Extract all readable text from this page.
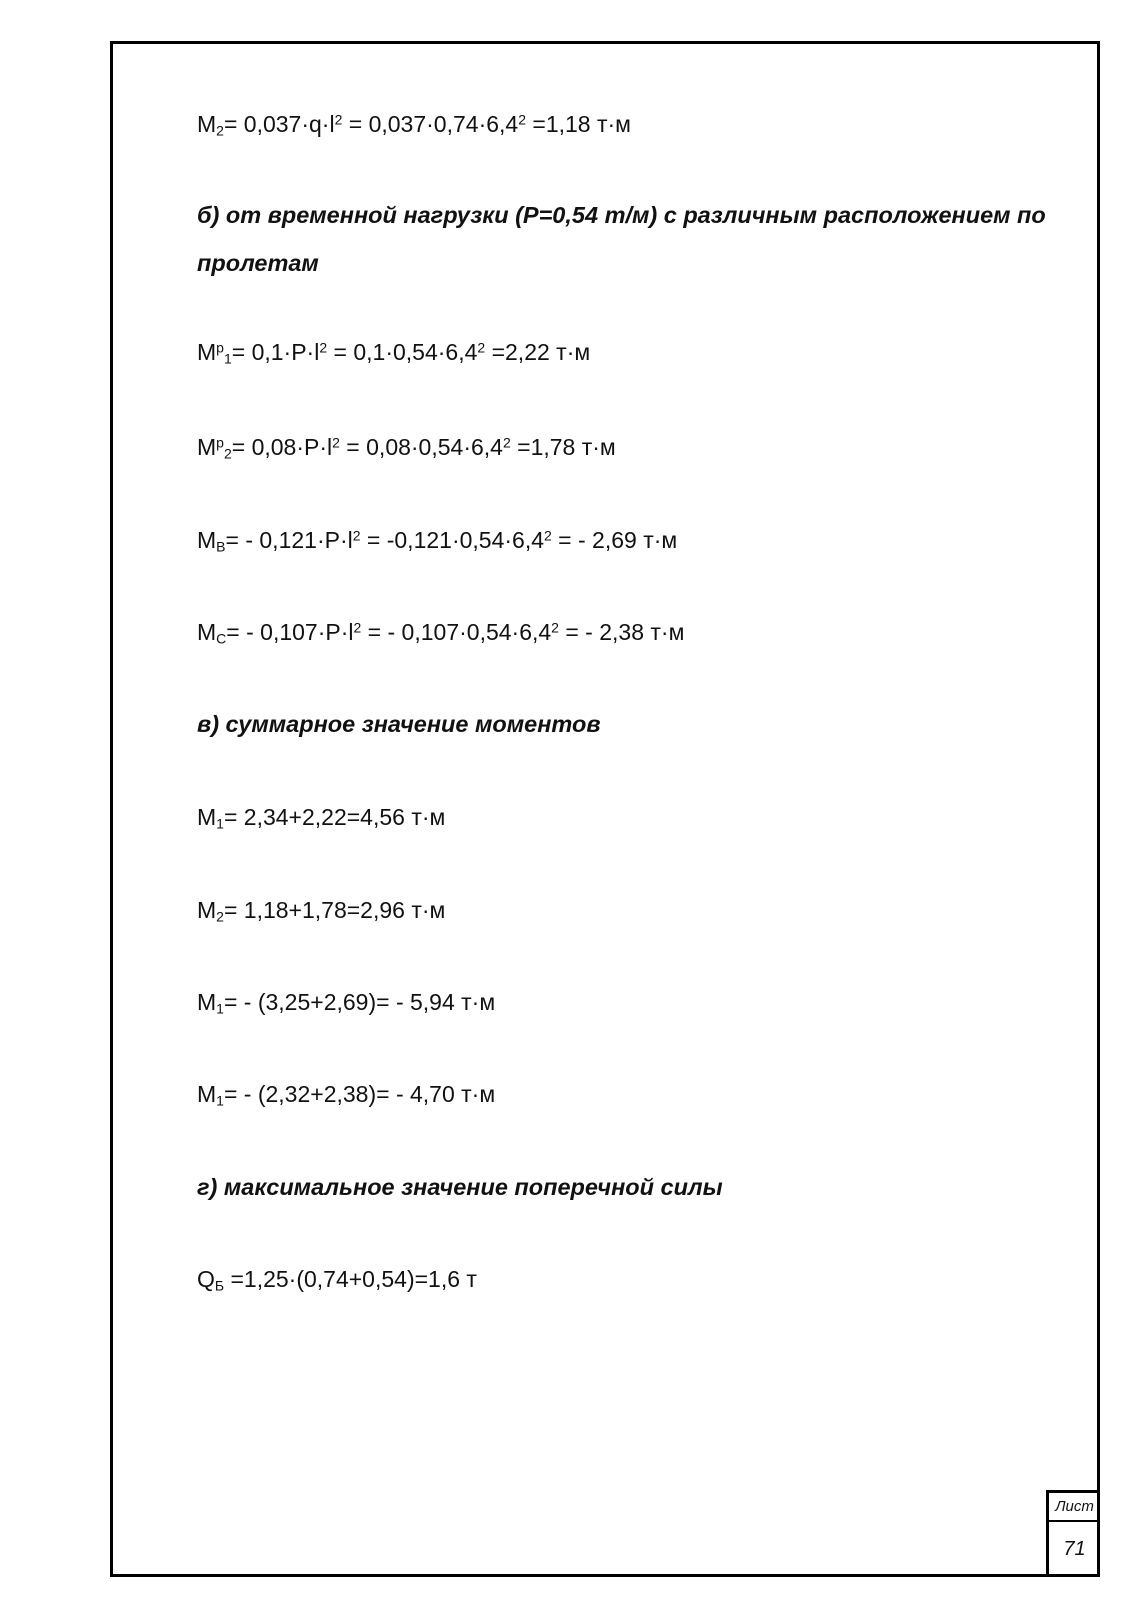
$M_2= 0,037\cdot q\cdot l^2 = 0,037\cdot 0,74\cdot 6,4^2 =1,18$ т·м
б) от временной нагрузки (P=0,54 т/м) с различным расположением по
пролетам
$M^p_1= 0,1\cdot P\cdot l^2 = 0,1\cdot 0,54\cdot 6,4^2 =2,22$ т·м
$M^p_2= 0,08\cdot P\cdot l^2 = 0,08\cdot 0,54\cdot 6,4^2 =1,78$ т·м
$M_B= - 0,121\cdot P\cdot l^2 = -0,121\cdot 0,54\cdot 6,4^2$ = - 2,69 т·м
$M_C= - 0,107\cdot P\cdot l^2$ = - $0,107\cdot 0,54\cdot 6,4^2$ = - 2,38 т·м
в) суммарное значение моментов
$M_1= 2,34+2,22=4,56$ т·м
$M_2= 1,18+1,78=2,96$ т·м
$M_1= - (3,25+2,69)= - 5,94$ т·м
$M_1= - (2,32+2,38)= - 4,70$ т·м
г) максимальное значение поперечной силы
$Q_Б =1,25\cdot(0,74+0,54)=1,6$ т
Лист
71
